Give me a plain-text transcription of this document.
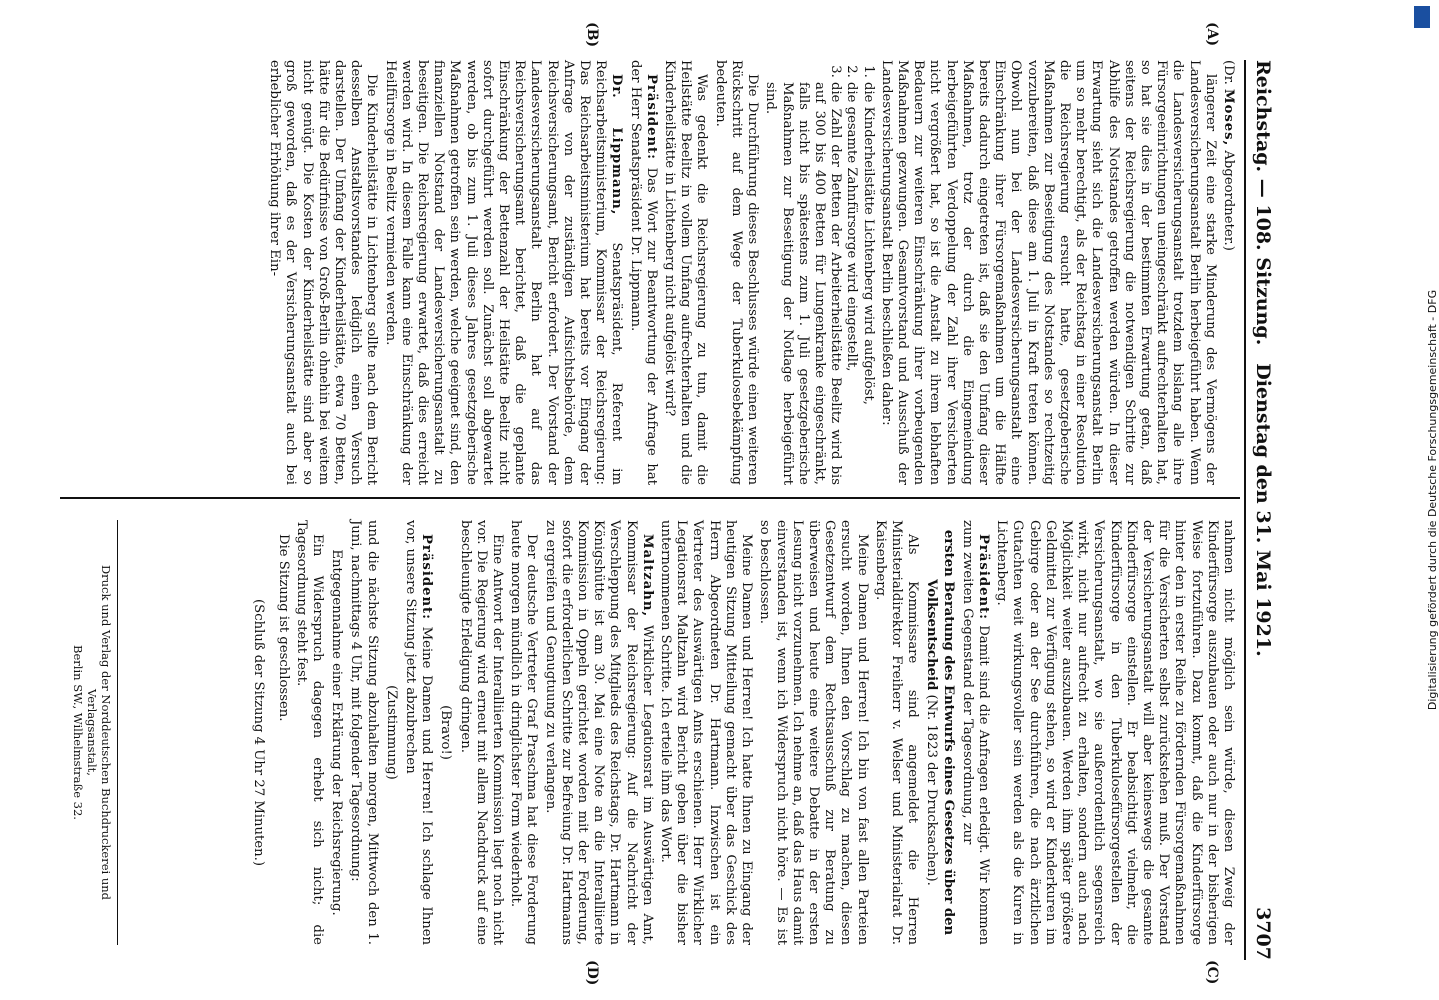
Reichstag. — 108. Sitzung.
Dienstag den 31. Mai 1921.
3707
(A)
(B)
(C)
(D)

(Dr. Moses, Abgeordneter.)

längerer Zeit eine starke Minderung des Vermögens der Landesversicherungsanstalt Berlin herbeigeführt haben. Wenn die Landesversicherungsanstalt trotzdem bislang alle ihre Fürsorgeeinrichtungen uneingeschränkt aufrechterhalten hat, so hat sie dies in der bestimmten Erwartung getan, daß seitens der Reichsregierung die notwendigen Schritte zur Abhilfe des Notstandes getroffen werden würden. In dieser Erwartung sieht sich die Landesversicherungsanstalt Berlin um so mehr berechtigt, als der Reichstag in einer Resolution die Reichsregierung ersucht hatte, gesetzgeberische Maßnahmen zur Beseitigung des Notstandes so rechtzeitig vorzubereiten, daß diese am 1. Juli in Kraft treten können. Obwohl nun bei der Landesversicherungsanstalt eine Einschränkung ihrer Fürsorgemaßnahmen um die Hälfte bereits dadurch eingetreten ist, daß sie den Umfang dieser Maßnahmen, trotz der durch die Eingemeindung herbeigeführten Verdoppelung der Zahl ihrer Versicherten nicht vergrößert hat, so ist die Anstalt zu ihrem lebhaften Bedauern zur weiteren Einschränkung ihrer vorbeugenden Maßnahmen gezwungen. Gesamtvorstand und Ausschuß der Landesversicherungsanstalt Berlin beschließen daher:

1. die Kinderheilstätte Lichtenberg wird aufgelöst,
2. die gesamte Zahnfürsorge wird eingestellt,
3. die Zahl der Betten der Arbeiterheilstätte Beelitz wird bis auf 300 bis 400 Betten für Lungenkranke eingeschränkt, falls nicht bis spätestens zum 1. Juli gesetzgeberische Maßnahmen zur Beseitigung der Notlage herbeigeführt sind.

Die Durchführung dieses Beschlusses würde einen weiteren Rückschritt auf dem Wege der Tuberkulosebekämpfung bedeuten.

Was gedenkt die Reichsregierung zu tun, damit die Heilstätte Beelitz in vollem Umfang aufrechterhalten und die Kinderheilstätte in Lichtenberg nicht aufgelöst wird?

Präsident: Das Wort zur Beantwortung der Anfrage hat der Herr Senatspräsident Dr. Lippmann.

Dr. Lippmann, Senatspräsident, Referent im Reichsarbeitsministerium, Kommissar der Reichsregierung: Das Reichsarbeitsministerium hat bereits vor Eingang der Anfrage von der zuständigen Aufsichtsbehörde, dem Reichsversicherungsamt, Bericht erfordert. Der Vorstand der Landesversicherungsanstalt Berlin hat auf das Reichsversicherungsamt berichtet, daß die geplante Einschränkung der Bettenzahl der Heilstätte Beelitz nicht sofort durchgeführt werden soll. Zunächst soll abgewartet werden, ob bis zum 1. Juli dieses Jahres gesetzgeberische Maßnahmen getroffen sein werden, welche geeignet sind, den finanziellen Notstand der Landesversicherungsanstalt zu beseitigen. Die Reichsregierung erwartet, daß dies erreicht werden wird. In diesem Falle kann eine Einschränkung der Heilfürsorge in Beelitz vermieden werden.

Die Kinderheilstätte in Lichtenberg sollte nach dem Bericht desselben Anstaltsvorstandes lediglich einen Versuch darstellen. Der Umfang der Kinderheilstätte, etwa 70 Betten, hätte für die Bedürfnisse von Groß-Berlin ohnehin bei weitem nicht genügt. Die Kosten der Kinderheilstätte sind aber so groß geworden, daß es der Versicherungsanstalt auch bei erheblicher Erhöhung ihrer Ein-

nahmen nicht möglich sein würde, diesen Zweig der Kinderfürsorge auszubauen oder auch nur in der bisherigen Weise fortzuführen. Dazu kommt, daß die Kinderfürsorge hinter den in erster Reihe zu fördernden Fürsorgemaßnahmen für die Versicherten selbst zurückstehen muß. Der Vorstand der Versicherungsanstalt will aber keineswegs die gesamte Kinderfürsorge einstellen. Er beabsichtigt vielmehr, die Kinderfürsorge in den Tuberkulosefürsorgestellen der Versicherungsanstalt, wo sie außerordentlich segensreich wirkt, nicht nur aufrecht zu erhalten, sondern auch nach Möglichkeit weiter auszubauen. Werden ihm später größere Geldmittel zur Verfügung stehen, so wird er Kinderkuren im Gebirge oder an der See durchführen, die nach ärztlichen Gutachten weit wirkungsvoller sein werden als die Kuren in Lichtenberg.

Präsident: Damit sind die Anfragen erledigt. Wir kommen zum zweiten Gegenstand der Tagesordnung, zur

ersten Beratung des Entwurfs eines Gesetzes über den Volksentscheid (Nr. 1823 der Drucksachen).

Als Kommissare sind angemeldet die Herren Ministerialdirektor Freiherr v. Welser und Ministerialrat Dr. Kaisenberg.

Meine Damen und Herren! Ich bin von fast allen Parteien ersucht worden, Ihnen den Vorschlag zu machen, diesen Gesetzentwurf dem Rechtsausschuß zur Beratung zu überweisen und heute eine weitere Debatte in der ersten Lesung nicht vorzunehmen. Ich nehme an, daß das Haus damit einverstanden ist, wenn ich Widerspruch nicht höre. — Es ist so beschlossen.

Meine Damen und Herren! Ich hatte Ihnen zu Eingang der heutigen Sitzung Mitteilung gemacht über das Geschick des Herrn Abgeordneten Dr. Hartmann. Inzwischen ist ein Vertreter des Auswärtigen Amts erschienen. Herr Wirklicher Legationsrat Maltzahn wird Bericht geben über die bisher unternommenen Schritte. Ich erteile ihm das Wort.

Maltzahn, Wirklicher Legationsrat im Auswärtigen Amt, Kommissar der Reichsregierung: Auf die Nachricht der Verschleppung des Mitglieds des Reichstags, Dr. Hartmann in Königshütte ist am 30. Mai eine Note an die Interalliierte Kommission in Oppeln gerichtet worden mit der Forderung, sofort die erforderlichen Schritte zur Befreiung Dr. Hartmanns zu ergreifen und Genugtuung zu verlangen.

Der deutsche Vertreter Graf Praschma hat diese Forderung heute morgen mündlich in dringlichster Form wiederholt.

Eine Antwort der Interalliierten Kommission liegt noch nicht vor. Die Regierung wird erneut mit allem Nachdruck auf eine beschleunigte Erledigung dringen.

(Bravo!)

Präsident: Meine Damen und Herren! Ich schlage Ihnen vor, unsere Sitzung jetzt abzubrechen

(Zustimmung)

und die nächste Sitzung abzuhalten morgen, Mittwoch den 1. Juni, nachmittags 4 Uhr, mit folgender Tagesordnung:

Entgegennahme einer Erklärung der Reichsregierung.

Ein Widerspruch dagegen erhebt sich nicht; die Tagesordnung steht fest.

Die Sitzung ist geschlossen.

(Schluß der Sitzung 4 Uhr 27 Minuten.)

Druck und Verlag der Norddeutschen Buchdruckerei und Verlagsanstalt,
Berlin SW., Wilhelmstraße 32.
Digitalisierung gefördert durch die Deutsche Forschungsgemeinschaft - DFG
